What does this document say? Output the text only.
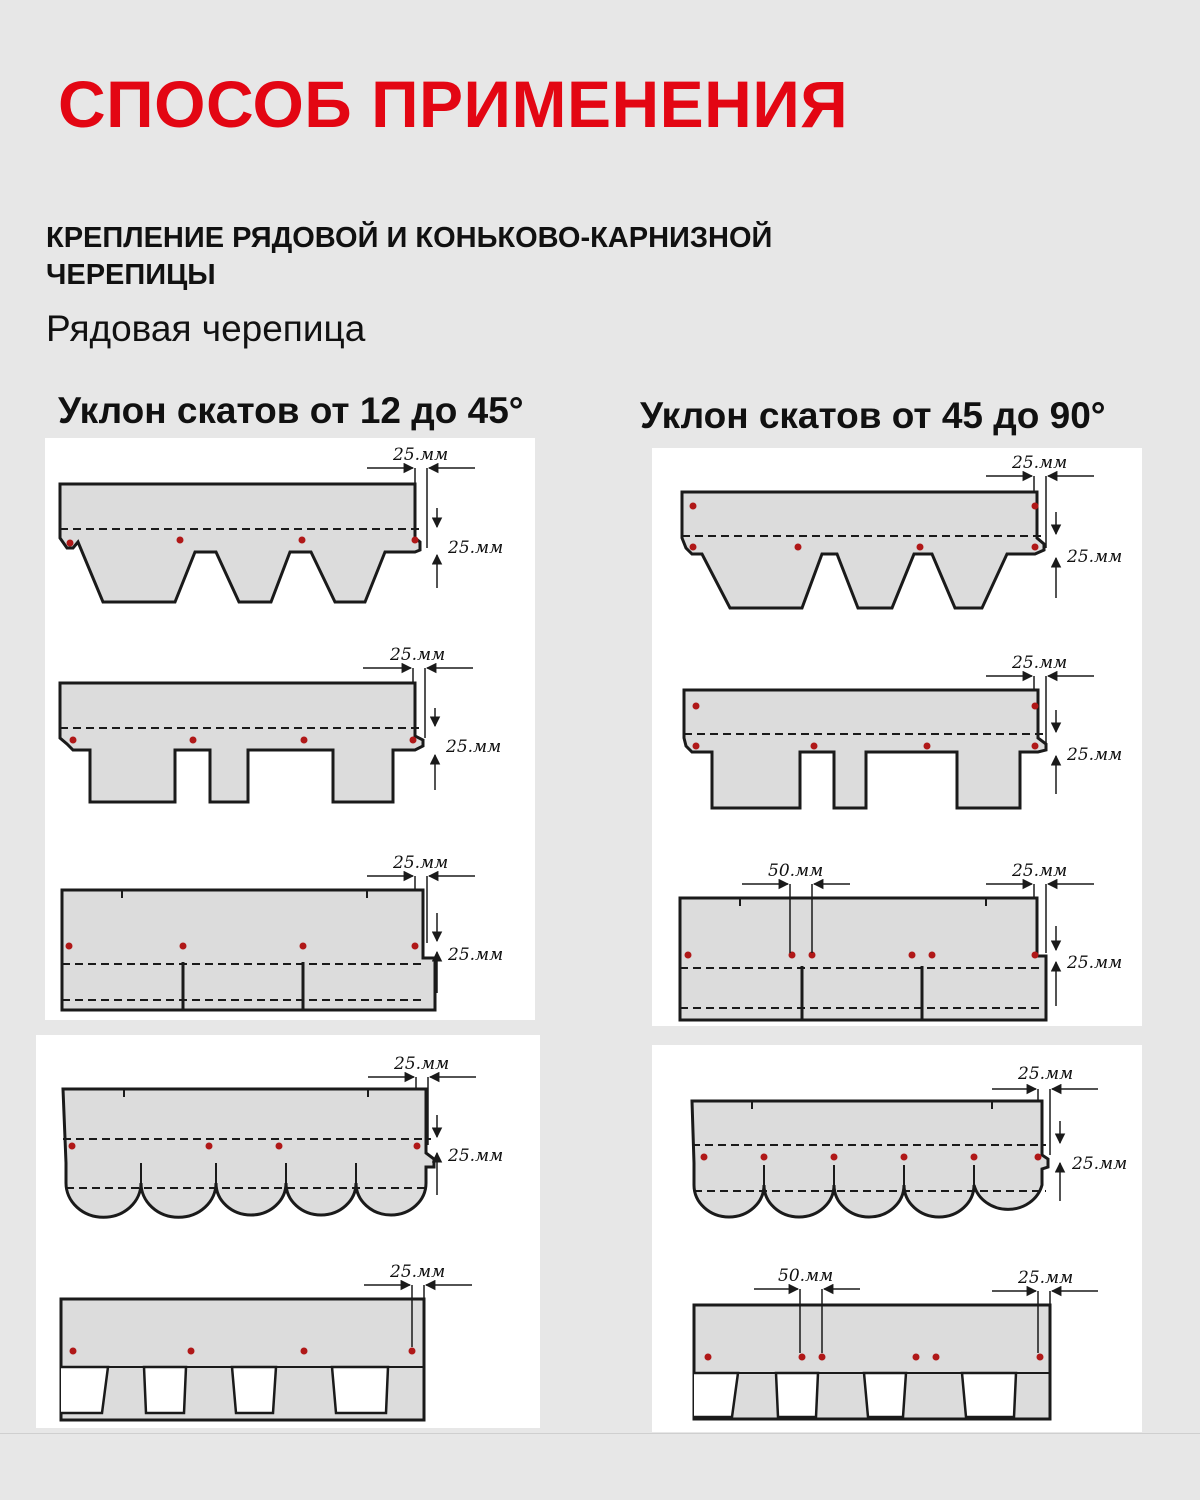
СПОСОБ ПРИМЕНЕНИЯ
КРЕПЛЕНИЕ РЯДОВОЙ И КОНЬКОВО-КАРНИЗНОЙ ЧЕРЕПИЦЫ
Рядовая черепица
Уклон скатов от 12 до 45°	Уклон скатов от 45 до 90°
25.мм
25.мм
25.мм
25.мм
25.мм
25.мм
25.мм
25.мм
25.мм
25.мм
25.мм
25.мм
25.мм
50.мм	25.мм
25.мм
25.мм
25.мм
50.мм	25.мм
